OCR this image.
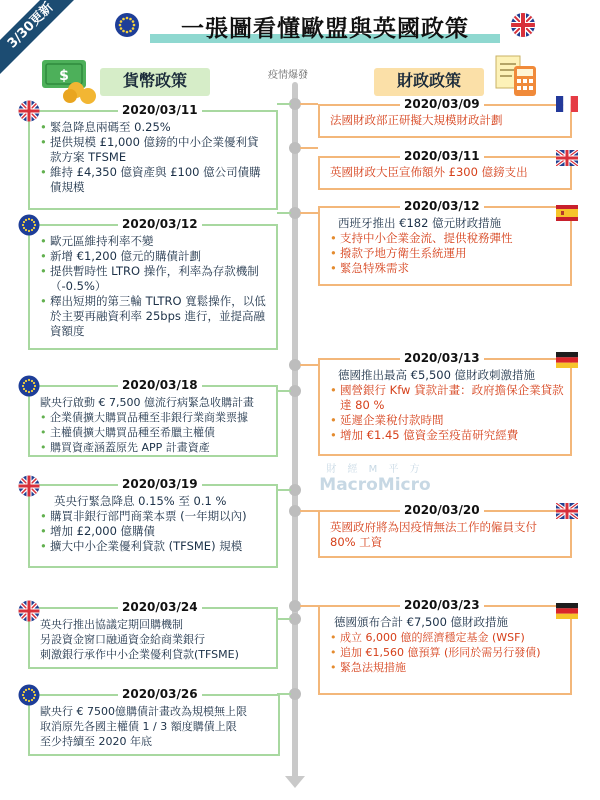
3/30更新	一張圖看懂歐盟與英國政策
$	貨幣政策	疫情爆發	財政政策
財 經 M 平 方
MacroMicro
2020/03/11
• 緊急降息兩碼至 0.25%
• 提供規模 £1,000 億鎊的中小企業優利貸款方案 TFSME
• 維持 £4,350 億資產與 £100 億公司債購債規模
2020/03/12
• 歐元區維持利率不變
• 新增 €1,200 億元的購債計劃
• 提供暫時性 LTRO 操作，利率為存款機制（-0.5%）
• 釋出短期的第三輪 TLTRO 寬鬆操作，以低於主要再融資利率 25bps 進行，並提高融資額度
2020/03/18
歐央行啟動 € 7,500 億流行病緊急收購計畫
• 企業債擴大購買品種至非銀行業商業票據
• 主權債擴大購買品種至希臘主權債
• 購買資產涵蓋原先 APP 計畫資產
2020/03/19
英央行緊急降息 0.15% 至 0.1 %
• 購買非銀行部門商業本票 (一年期以內)
• 增加 £2,000 億購債
• 擴大中小企業優利貸款 (TFSME) 規模
2020/03/24
英央行推出協議定期回購機制
另設資金窗口融通資金給商業銀行
刺激銀行承作中小企業優利貸款(TFSME)
2020/03/26
歐央行 € 7500億購債計畫改為規模無上限
取消原先各國主權債 1 / 3 額度購債上限
至少持續至 2020 年底
2020/03/09
法國財政部正研擬大規模財政計劃
2020/03/11
英國財政大臣宣佈額外 £300 億鎊支出
2020/03/12
西班牙推出 €182 億元財政措施
• 支持中小企業金流、提供稅務彈性
• 撥款予地方衛生系統運用
• 緊急特殊需求
2020/03/13
德國推出最高 €5,500 億財政刺激措施
• 國營銀行 Kfw 貸款計畫：政府擔保企業貸款達 80 %
• 延遲企業稅付款時間
• 增加 €1.45 億資金至疫苗研究經費
2020/03/20
英國政府將為因疫情無法工作的僱員支付 80% 工資
2020/03/23
德國頒布合計 €7,500 億財政措施
• 成立 6,000 億的經濟穩定基金 (WSF)
• 追加 €1,560 億預算 (形同於需另行發債)
• 緊急法規措施
